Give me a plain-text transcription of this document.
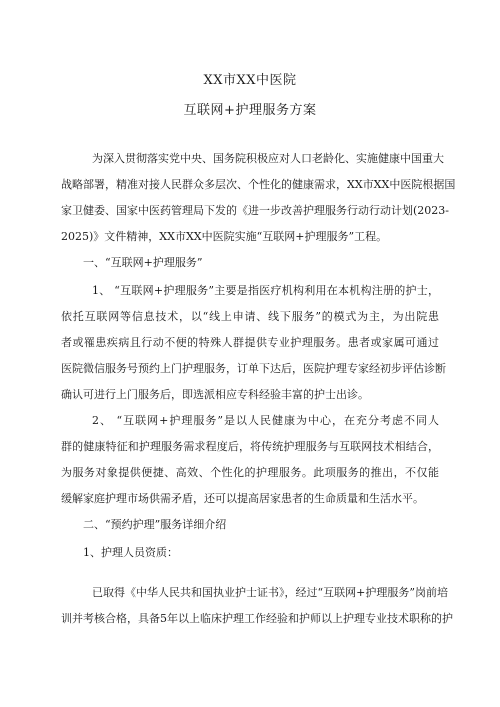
XX市XX中医院
互联网+护理服务方案
为深入贯彻落实党中央、国务院积极应对人口老龄化、实施健康中国重大
战略部署，精准对接人民群众多层次、个性化的健康需求，XX市XX中医院根据国
家卫健委、国家中医药管理局下发的《进一步改善护理服务行动行动计划(2023-
2025)》文件精神，XX市XX中医院实施“互联网+护理服务”工程。
一、“互联网+护理服务”
1、 “互联网+护理服务”主要是指医疗机构利用在本机构注册的护士，
依托互联网等信息技术，以“线上申请、线下服务”的模式为主，为出院患
者或罹患疾病且行动不便的特殊人群提供专业护理服务。患者或家属可通过
医院微信服务号预约上门护理服务，订单下达后，医院护理专家经初步评估诊断
确认可进行上门服务后，即选派相应专科经验丰富的护士出诊。
2、 “互联网+护理服务”是以人民健康为中心，在充分考虑不同人
群的健康特征和护理服务需求程度后，将传统护理服务与互联网技术相结合，
为服务对象提供便捷、高效、个性化的护理服务。此项服务的推出，不仅能
缓解家庭护理市场供需矛盾，还可以提高居家患者的生命质量和生活水平。
二、“预约护理”服务详细介绍
1、护理人员资质：
已取得《中华人民共和国执业护士证书》，经过“互联网+护理服务”岗前培
训并考核合格，具备5年以上临床护理工作经验和护师以上护理专业技术职称的护
